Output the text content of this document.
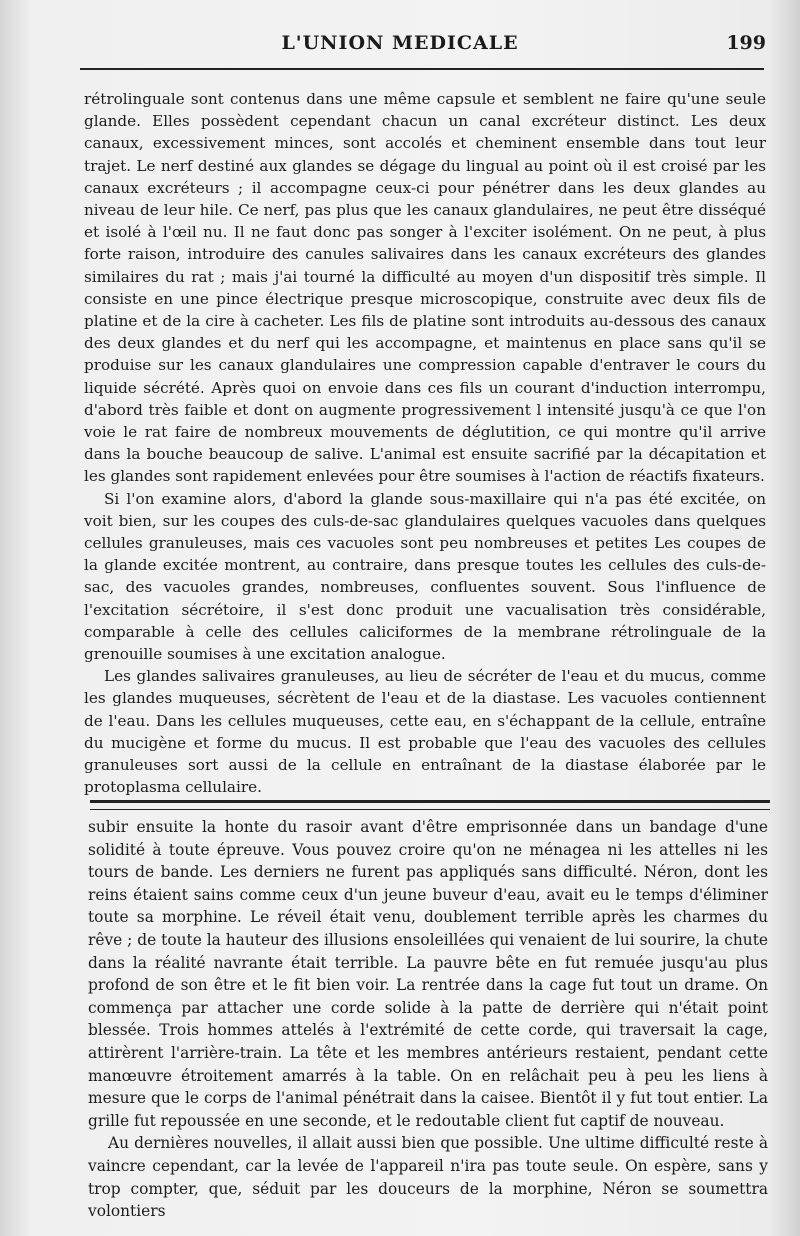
L'UNION MEDICALE	199

rétrolinguale sont contenus dans une même capsule et semblent ne faire qu'une seule glande. Elles possèdent cependant chacun un canal excréteur distinct. Les deux canaux, excessivement minces, sont accolés et cheminent ensemble dans tout leur trajet. Le nerf destiné aux glandes se dégage du lingual au point où il est croisé par les canaux excréteurs ; il accompagne ceux-ci pour pénétrer dans les deux glandes au niveau de leur hile. Ce nerf, pas plus que les canaux glandulaires, ne peut être disséqué et isolé à l'œil nu. Il ne faut donc pas songer à l'exciter isolément. On ne peut, à plus forte raison, introduire des canules salivaires dans les canaux excréteurs des glandes similaires du rat ; mais j'ai tourné la difficulté au moyen d'un dispositif très simple. Il consiste en une pince électrique presque microscopique, construite avec deux fils de platine et de la cire à cacheter. Les fils de platine sont introduits au-dessous des canaux des deux glandes et du nerf qui les accompagne, et maintenus en place sans qu'il se produise sur les canaux glandulaires une compression capable d'entraver le cours du liquide sécrété. Après quoi on envoie dans ces fils un courant d'induction interrompu, d'abord très faible et dont on augmente progressivement l intensité jusqu'à ce que l'on voie le rat faire de nombreux mouvements de déglutition, ce qui montre qu'il arrive dans la bouche beaucoup de salive. L'animal est ensuite sacrifié par la décapitation et les glandes sont rapidement enlevées pour être soumises à l'action de réactifs fixateurs.

Si l'on examine alors, d'abord la glande sous-maxillaire qui n'a pas été excitée, on voit bien, sur les coupes des culs-de-sac glandulaires quelques vacuoles dans quelques cellules granuleuses, mais ces vacuoles sont peu nombreuses et petites Les coupes de la glande excitée montrent, au contraire, dans presque toutes les cellules des culs-de-sac, des vacuoles grandes, nombreuses, confluentes souvent. Sous l'influence de l'excitation sécrétoire, il s'est donc produit une vacualisation très considérable, comparable à celle des cellules caliciformes de la membrane rétrolinguale de la grenouille soumises à une excitation analogue.

Les glandes salivaires granuleuses, au lieu de sécréter de l'eau et du mucus, comme les glandes muqueuses, sécrètent de l'eau et de la diastase. Les vacuoles contiennent de l'eau. Dans les cellules muqueuses, cette eau, en s'échappant de la cellule, entraîne du mucigène et forme du mucus. Il est probable que l'eau des vacuoles des cellules granuleuses sort aussi de la cellule en entraînant de la diastase élaborée par le protoplasma cellulaire.

subir ensuite la honte du rasoir avant d'être emprisonnée dans un bandage d'une solidité à toute épreuve. Vous pouvez croire qu'on ne ménagea ni les attelles ni les tours de bande. Les derniers ne furent pas appliqués sans difficulté. Néron, dont les reins étaient sains comme ceux d'un jeune buveur d'eau, avait eu le temps d'éliminer toute sa morphine. Le réveil était venu, doublement terrible après les charmes du rêve ; de toute la hauteur des illusions ensoleillées qui venaient de lui sourire, la chute dans la réalité navrante était terrible. La pauvre bête en fut remuée jusqu'au plus profond de son être et le fit bien voir. La rentrée dans la cage fut tout un drame. On commença par attacher une corde solide à la patte de derrière qui n'était point blessée. Trois hommes attelés à l'extrémité de cette corde, qui traversait la cage, attirèrent l'arrière-train. La tête et les membres antérieurs restaient, pendant cette manœuvre étroitement amarrés à la table. On en relâchait peu à peu les liens à mesure que le corps de l'animal pénétrait dans la caisee. Bientôt il y fut tout entier. La grille fut repoussée en une seconde, et le redoutable client fut captif de nouveau.

Au dernières nouvelles, il allait aussi bien que possible. Une ultime difficulté reste à vaincre cependant, car la levée de l'appareil n'ira pas toute seule. On espère, sans y trop compter, que, séduit par les douceurs de la morphine, Néron se soumettra volontiers
